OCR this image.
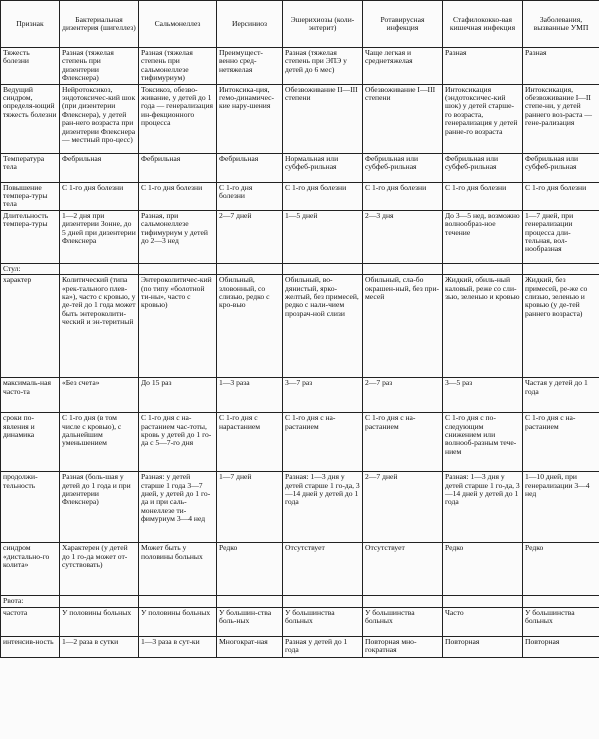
Признак	Бактериальная дизентерия (шигеллез)	Сальмонеллез	Иерсиниоз	Эшерихиозы (коли-энтерит)	Ротавирусная инфекция	Стафилококко-вая кишечная инфекция	Заболевания, вызванные УМП
Тяжесть болезни	Разная (тяжелая степень при дизентерии Флекснера)	Разная (тяжелая степень при сальмонеллезе тифимуриум)	Преимущест-венно сред-нетяжелая	Разная (тяжелая степень при ЭПЭ у детей до 6 мес)	Чаще легкая и среднетяжелая	Разная	Разная
Ведущий синдром, определя-ющий тяжесть болезни	Нейротоксикоз, эндотоксичес-кий шок (при дизентерии Флекснера), у детей ран-него возраста при дизентерии Флекснера — местный про-цесс)	Токсикоз, обезво-живание, у детей до 1 года — генерализация ин-фекционного процесса	Интоксика-ция, гемо-динамичес-кие нару-шения	Обезвоживание II—III степени	Обезвоживание I—III степени	Интоксикация (эндотоксичес-кий шок) у детей старше-го возраста, генерализация у детей ранне-го возраста	Интоксикация, обезвоживание I—II степе-ни, у детей раннего воз-раста — гене-рализация
Температура тела	Фебрильная	Фебрильная	Фебрильная	Нормальная или субфеб-рильная	Фебрильная или субфеб-рильная	Фебрильная или субфеб-рильная	Фебрильная или субфеб-рильная
Повышение темпера-туры тела	С 1-го дня болезни	С 1-го дня болезни	С 1-го дня болезни	С 1-го дня болезни	С 1-го дня болезни	С 1-го дня болезни	С 1-го дня болезни
Длительность темпера-туры	1—2 дня при дизентерии Зонне, до 5 дней при дизентерии Флекснера	Разная, при сальмонеллезе тифимуриум у детей до 2—3 нед	2—7 дней	1—5 дней	2—3 дня	До 3—5 нед, возможно волнообраз-ное течение	1—7 дней, при генерализации процесса дли-тельная, вол-нообразная
Стул:							
характер	Колитический (типа «рек-тального плев-ка»), часто с кровью, у де-тей до 1 года может быть энтероколити-ческий и эн-теритный	Энтероколитичес-кий (по типу «болотной ти-ны», часто с кровью)	Обильный, зловонный, со слизью, редко с кро-вью	Обильный, во-дянистый, ярко-желтый, без примесей, редко с нали-чием прозрач-ной слизи	Обильный, сла-бо окрашен-ный, без при-месей	Жидкий, обиль-ный каловый, реже со сли-зью, зеленью и кровью	Жидкий, без примесей, ре-же со слизью, зеленью и кровью (у де-тей раннего возраста)
максималь-ная часто-та	«Без счета»	До 15 раз	1—3 раза	3—7 раз	2—7 раз	3—5 раз	Частая у детей до 1 года
сроки по-явления и динамика	С 1-го дня (в том числе с кровью), с дальнейшим уменьшением	С 1-го дня с на-растанием час-тоты, кровь у детей до 1 го-да с 5—7-го дня	С 1-го дня с нарастанием	С 1-го дня с на-растанием	С 1-го дня с на-растанием	С 1-го дня с по-следующим снижением или волнооб-разным тече-нием	С 1-го дня с на-растанием
продолжи-тельность	Разная (боль-шая у детей до 1 года и при дизентерии Флекснера)	Разная: у детей старше 1 года 3—7 дней, у детей до 1 го-да и при саль-монеллезе ти-фимуриум 3—4 нед	1—7 дней	Разная: 1—3 дня у детей старше 1 го-да, 3—14 дней у детей до 1 года	2—7 дней	Разная: 1—3 дня у детей старше 1 го-да, 3—14 дней у детей до 1 года	1—10 дней, при генерализации 3—4 нед
синдром «дистально-го колита»	Характерен (у детей до 1 го-да может от-сутствовать)	Может быть у половины больных	Редко	Отсутствует	Отсутствует	Редко	Редко
Рвота:							
частота	У половины больных	У половины больных	У большин-ства боль-ных	У большинства больных	У большинства больных	Часто	У большинства больных
интенсив-ность	1—2 раза в сутки	1—3 раза в сут-ки	Многократ-ная	Разная у детей до 1 года	Повторная мно-гократная	Повторная	Повторная
